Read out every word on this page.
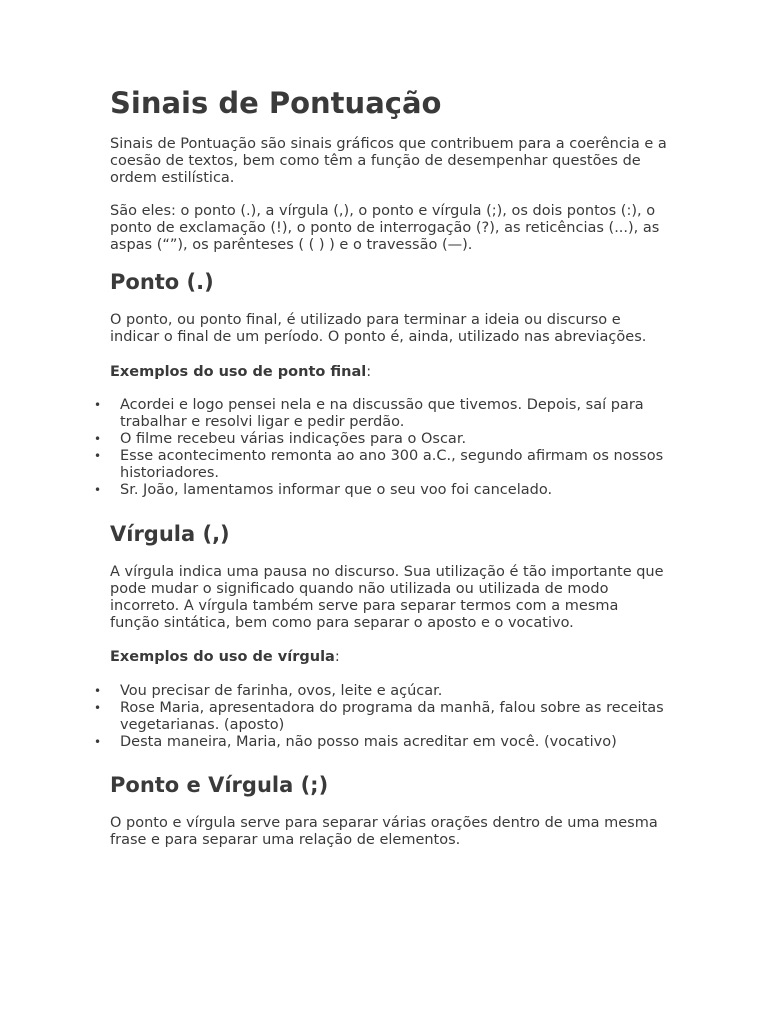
Sinais de Pontuação

Sinais de Pontuação são sinais gráficos que contribuem para a coerência e a coesão de textos, bem como têm a função de desempenhar questões de ordem estilística.

São eles: o ponto (.), a vírgula (,), o ponto e vírgula (;), os dois pontos (:), o ponto de exclamação (!), o ponto de interrogação (?), as reticências (...), as aspas (“”), os parênteses ( ( ) ) e o travessão (—).

Ponto (.)

O ponto, ou ponto final, é utilizado para terminar a ideia ou discurso e indicar o final de um período. O ponto é, ainda, utilizado nas abreviações.

Exemplos do uso de ponto final:

• Acordei e logo pensei nela e na discussão que tivemos. Depois, saí para trabalhar e resolvi ligar e pedir perdão.
• O filme recebeu várias indicações para o Oscar.
• Esse acontecimento remonta ao ano 300 a.C., segundo afirmam os nossos historiadores.
• Sr. João, lamentamos informar que o seu voo foi cancelado.
Vírgula (,)

A vírgula indica uma pausa no discurso. Sua utilização é tão importante que pode mudar o significado quando não utilizada ou utilizada de modo incorreto. A vírgula também serve para separar termos com a mesma função sintática, bem como para separar o aposto e o vocativo.

Exemplos do uso de vírgula:

• Vou precisar de farinha, ovos, leite e açúcar.
• Rose Maria, apresentadora do programa da manhã, falou sobre as receitas vegetarianas. (aposto)
• Desta maneira, Maria, não posso mais acreditar em você. (vocativo)
Ponto e Vírgula (;)

O ponto e vírgula serve para separar várias orações dentro de uma mesma frase e para separar uma relação de elementos.
